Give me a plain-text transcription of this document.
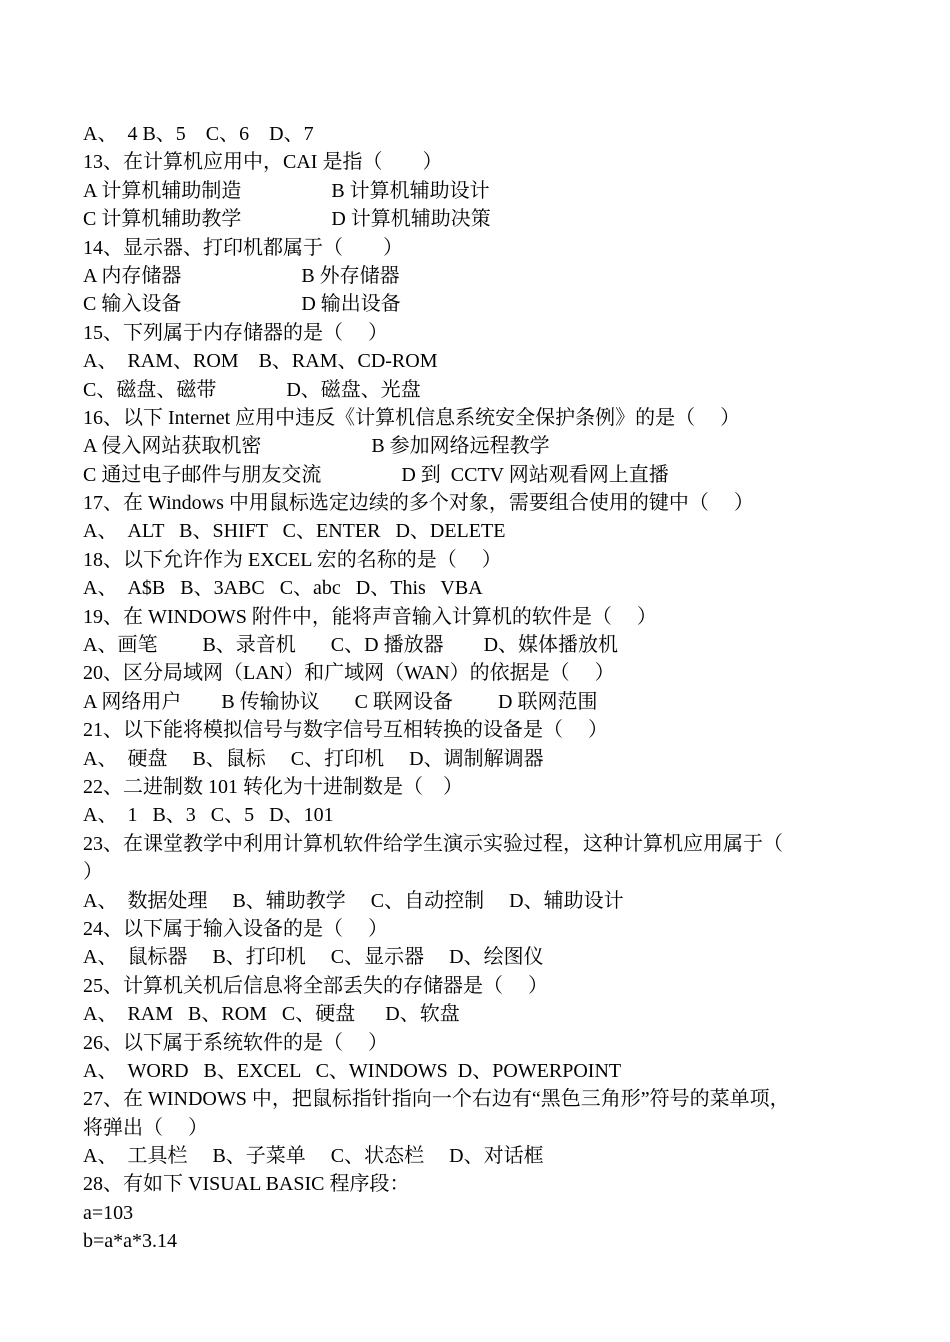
A、  4 B、5    C、6    D、7
13、在计算机应用中，CAI 是指（        ）
A 计算机辅助制造                  B 计算机辅助设计
C 计算机辅助教学                  D 计算机辅助决策
14、显示器、打印机都属于（        ）
A 内存储器                        B 外存储器
C 输入设备                        D 输出设备
15、下列属于内存储器的是（     ）
A、  RAM、ROM    B、RAM、CD-ROM
C、磁盘、磁带              D、磁盘、光盘
16、以下 Internet 应用中违反《计算机信息系统安全保护条例》的是（     ）
A 侵入网站获取机密                      B 参加网络远程教学
C 通过电子邮件与朋友交流                D 到  CCTV 网站观看网上直播
17、在 Windows 中用鼠标选定边续的多个对象，需要组合使用的键中（     ）
A、  ALT   B、SHIFT   C、ENTER   D、DELETE
18、以下允许作为 EXCEL 宏的名称的是（     ）
A、  A$B   B、3ABC   C、abc   D、This   VBA
19、在 WINDOWS 附件中，能将声音输入计算机的软件是（     ）
A、画笔         B、录音机       C、D 播放器        D、媒体播放机
20、区分局域网（LAN）和广域网（WAN）的依据是（     ）
A 网络用户        B 传输协议       C 联网设备         D 联网范围
21、以下能将模拟信号与数字信号互相转换的设备是（     ）
A、  硬盘     B、鼠标     C、打印机     D、调制解调器
22、二进制数 101 转化为十进制数是（    ）
A、  1   B、3   C、5   D、101
23、在课堂教学中利用计算机软件给学生演示实验过程，这种计算机应用属于（
）
A、  数据处理     B、辅助教学     C、自动控制     D、辅助设计
24、以下属于输入设备的是（     ）
A、  鼠标器     B、打印机     C、显示器     D、绘图仪
25、计算机关机后信息将全部丢失的存储器是（     ）
A、  RAM   B、ROM   C、硬盘      D、软盘
26、以下属于系统软件的是（     ）
A、  WORD   B、EXCEL   C、WINDOWS  D、POWERPOINT
27、在 WINDOWS 中，把鼠标指针指向一个右边有“黑色三角形”符号的菜单项，
将弹出（     ）
A、  工具栏     B、子菜单     C、状态栏     D、对话框
28、有如下 VISUAL BASIC 程序段：
a=103
b=a*a*3.14
